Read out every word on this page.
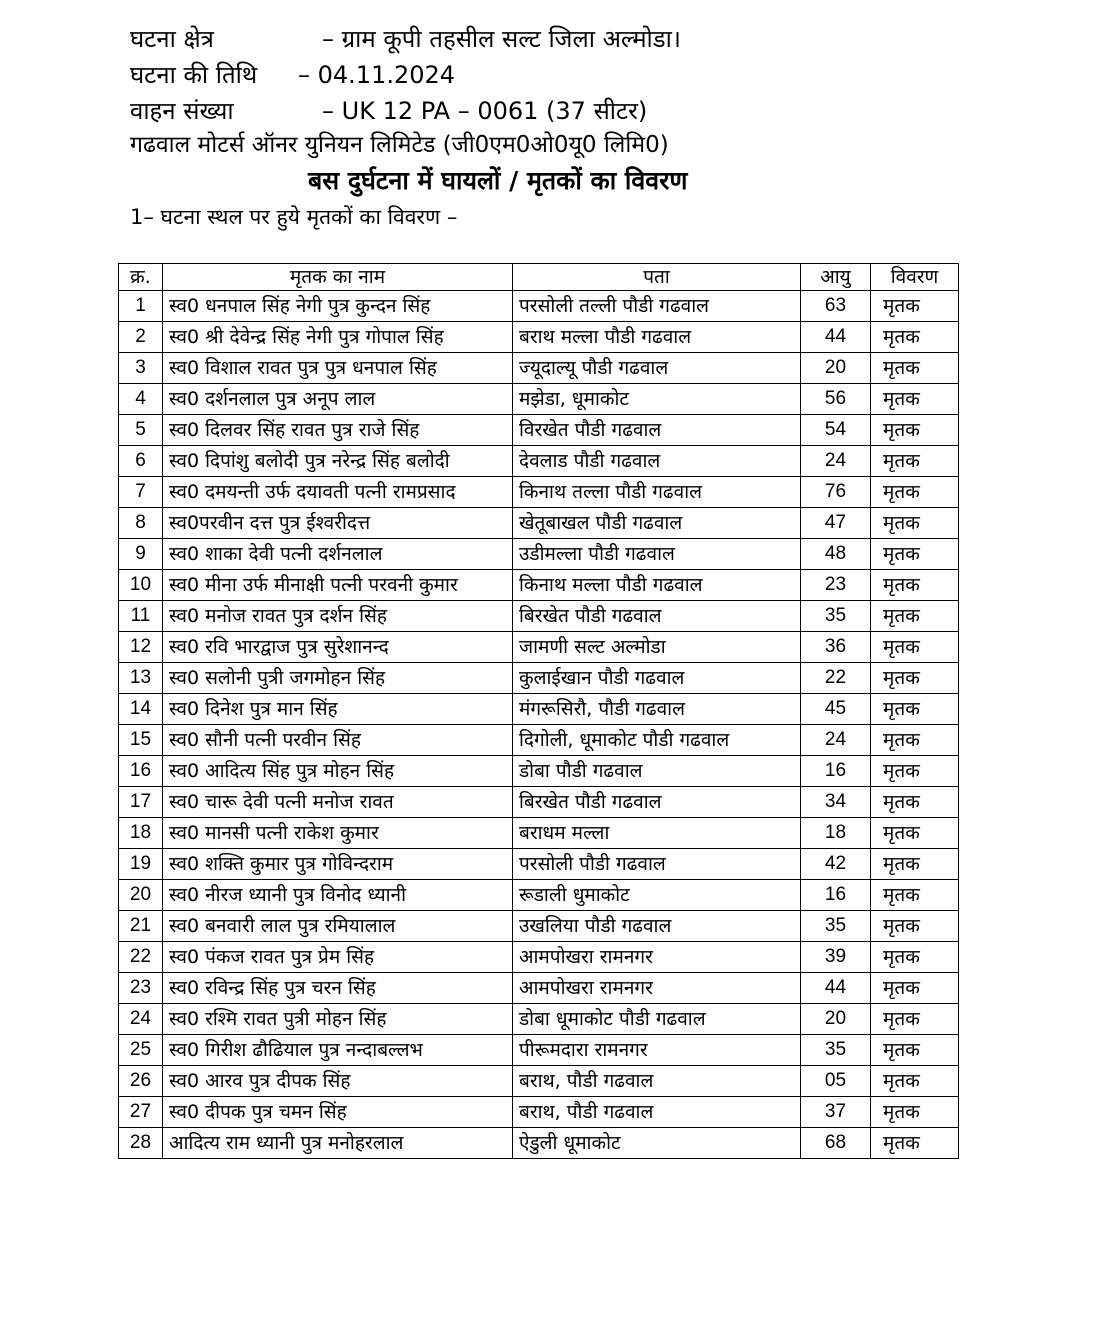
घटना क्षेत्र	– ग्राम कूपी तहसील सल्ट जिला अल्मोडा।
घटना की तिथि – 04.11.2024
वाहन संख्या	– UK 12 PA – 0061 (37 सीटर)
गढवाल मोटर्स ऑनर युनियन लिमिटेड (जी0एम0ओ0यू0 लिमि0)
बस दुर्घटना में घायलों / मृतकों का विवरण
1– घटना स्थल पर हुये मृतकों का विवरण –
क्र.	मृतक का नाम	पता	आयु	विवरण
1	स्व0 धनपाल सिंह नेगी पुत्र कुन्दन सिंह	परसोली तल्ली पौडी गढवाल	63	मृतक
2	स्व0 श्री देवेन्द्र सिंह नेगी पुत्र गोपाल सिंह	बराथ मल्ला पौडी गढवाल	44	मृतक
3	स्व0 विशाल रावत पुत्र पुत्र धनपाल सिंह	ज्यूदाल्यू पौडी गढवाल	20	मृतक
4	स्व0 दर्शनलाल पुत्र अनूप लाल	मझेडा, धूमाकोट	56	मृतक
5	स्व0 दिलवर सिंह रावत पुत्र राजे सिंह	विरखेत पौडी गढवाल	54	मृतक
6	स्व0 दिपांशु बलोदी पुत्र नरेन्द्र सिंह बलोदी	देवलाड पौडी गढवाल	24	मृतक
7	स्व0 दमयन्ती उर्फ दयावती पत्नी रामप्रसाद	किनाथ तल्ला पौडी गढवाल	76	मृतक
8	स्व0परवीन दत्त पुत्र ईश्वरीदत्त	खेतूबाखल पौडी गढवाल	47	मृतक
9	स्व0 शाका देवी पत्नी दर्शनलाल	उडीमल्ला पौडी गढवाल	48	मृतक
10	स्व0 मीना उर्फ मीनाक्षी पत्नी परवनी कुमार	किनाथ मल्ला पौडी गढवाल	23	मृतक
11	स्व0 मनोज रावत पुत्र दर्शन सिंह	बिरखेत पौडी गढवाल	35	मृतक
12	स्व0 रवि भारद्वाज पुत्र सुरेशानन्द	जामणी सल्ट अल्मोडा	36	मृतक
13	स्व0 सलोनी पुत्री जगमोहन सिंह	कुलाईखान पौडी गढवाल	22	मृतक
14	स्व0 दिनेश पुत्र मान सिंह	मंगरूसिरौ, पौडी गढवाल	45	मृतक
15	स्व0 सौनी पत्नी परवीन सिंह	दिगोली, धूमाकोट पौडी गढवाल	24	मृतक
16	स्व0 आदित्य सिंह पुत्र मोहन सिंह	डोबा पौडी गढवाल	16	मृतक
17	स्व0 चारू देवी पत्नी मनोज रावत	बिरखेत पौडी गढवाल	34	मृतक
18	स्व0 मानसी पत्नी राकेश कुमार	बराधम मल्ला	18	मृतक
19	स्व0 शक्ति कुमार पुत्र गोविन्दराम	परसोली पौडी गढवाल	42	मृतक
20	स्व0 नीरज ध्यानी पुत्र विनोद ध्यानी	रूडाली धुमाकोट	16	मृतक
21	स्व0 बनवारी लाल पुत्र रमियालाल	उखलिया पौडी गढवाल	35	मृतक
22	स्व0 पंकज रावत पुत्र प्रेम सिंह	आमपोखरा रामनगर	39	मृतक
23	स्व0 रविन्द्र सिंह पुत्र चरन सिंह	आमपोखरा रामनगर	44	मृतक
24	स्व0 रश्मि रावत पुत्री मोहन सिंह	डोबा धूमाकोट पौडी गढवाल	20	मृतक
25	स्व0 गिरीश ढौढियाल पुत्र नन्दाबल्लभ	पीरूमदारा रामनगर	35	मृतक
26	स्व0 आरव पुत्र दीपक सिंह	बराथ, पौडी गढवाल	05	मृतक
27	स्व0 दीपक पुत्र चमन सिंह	बराथ, पौडी गढवाल	37	मृतक
28	आदित्य राम ध्यानी पुत्र मनोहरलाल	ऐडुली धूमाकोट	68	मृतक
